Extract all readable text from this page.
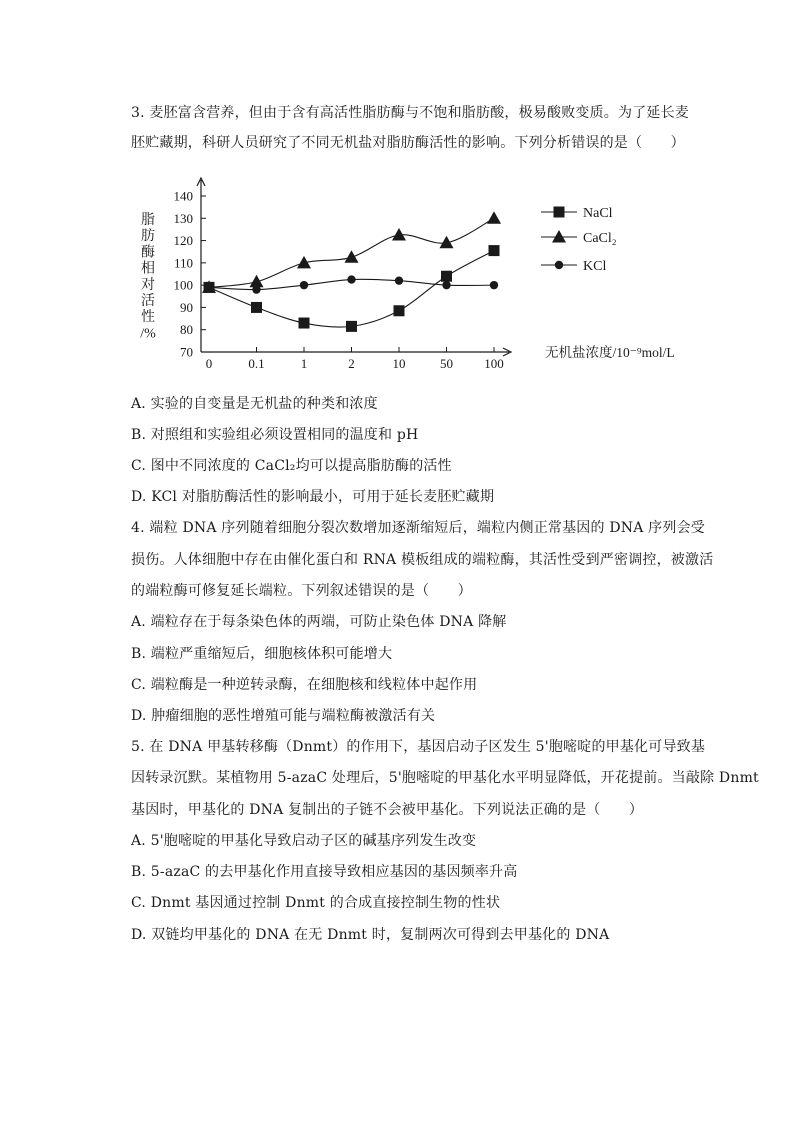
3. 麦胚富含营养，但由于含有高活性脂肪酶与不饱和脂肪酸，极易酸败变质。为了延长麦
胚贮藏期，科研人员研究了不同无机盐对脂肪酶活性的影响。下列分析错误的是（　　）
70
80
90
100
110
120
130
140
0	0.1	1	2	10	50 100
脂
肪
酶
相
对
活
性
/%
无机盐浓度/10⁻⁹mol/L
NaCl
CaCl₂
KCl
A. 实验的自变量是无机盐的种类和浓度
B. 对照组和实验组必须设置相同的温度和 pH
C. 图中不同浓度的 CaCl₂均可以提高脂肪酶的活性
D. KCl 对脂肪酶活性的影响最小，可用于延长麦胚贮藏期
4. 端粒 DNA 序列随着细胞分裂次数增加逐渐缩短后，端粒内侧正常基因的 DNA 序列会受
损伤。人体细胞中存在由催化蛋白和 RNA 模板组成的端粒酶，其活性受到严密调控，被激活
的端粒酶可修复延长端粒。下列叙述错误的是（　　）
A. 端粒存在于每条染色体的两端，可防止染色体 DNA 降解
B. 端粒严重缩短后，细胞核体积可能增大
C. 端粒酶是一种逆转录酶，在细胞核和线粒体中起作用
D. 肿瘤细胞的恶性增殖可能与端粒酶被激活有关
5. 在 DNA 甲基转移酶（Dnmt）的作用下，基因启动子区发生 5'胞嘧啶的甲基化可导致基
因转录沉默。某植物用 5-azaC 处理后，5'胞嘧啶的甲基化水平明显降低，开花提前。当敲除 Dnmt
基因时，甲基化的 DNA 复制出的子链不会被甲基化。下列说法正确的是（　　）
A. 5'胞嘧啶的甲基化导致启动子区的碱基序列发生改变
B. 5-azaC 的去甲基化作用直接导致相应基因的基因频率升高
C. Dnmt 基因通过控制 Dnmt 的合成直接控制生物的性状
D. 双链均甲基化的 DNA 在无 Dnmt 时，复制两次可得到去甲基化的 DNA
